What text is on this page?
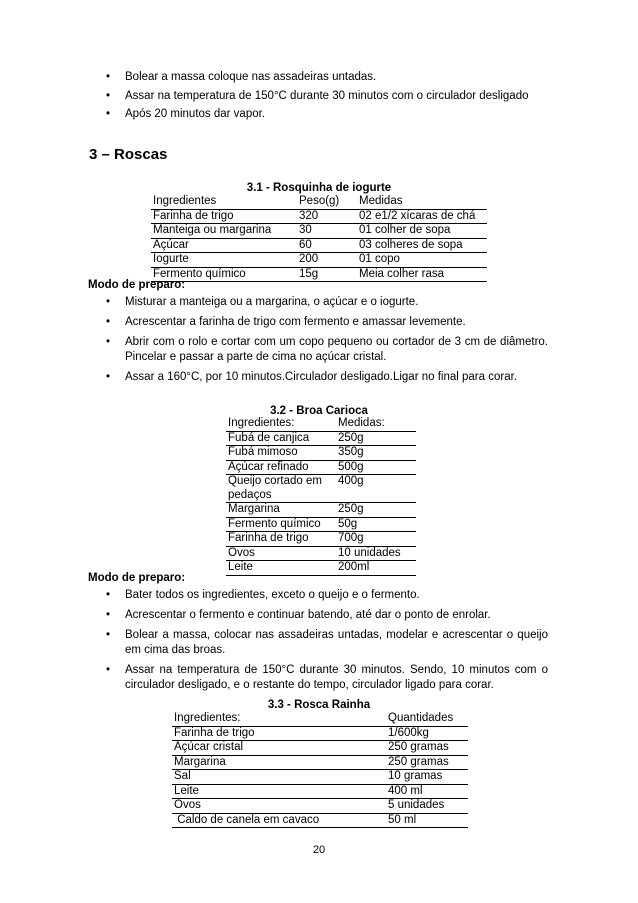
•	Bolear a massa coloque nas assadeiras untadas.
•	Assar na temperatura de 150°C durante 30 minutos com o circulador desligado
•	Após 20 minutos dar vapor.
3 – Roscas
3.1 - Rosquinha de iogurte
Ingredientes	Peso(g)	Medidas
Farinha de trigo	320	02 e1/2 xícaras de chá
Manteiga ou margarina	30	01 colher de sopa
Açúcar	60	03 colheres de sopa
Iogurte	200	01 copo
Fermento químico	15g	Meia colher rasa
Modo de preparo:
•	Misturar a manteiga ou a margarina, o açúcar e o iogurte.
•	Acrescentar a farinha de trigo com fermento e amassar levemente.
•	Abrir com o rolo e cortar com um copo pequeno ou cortador de 3 cm de diâmetro. Pincelar e passar a parte de cima no açúcar cristal.
•	Assar a 160°C, por 10 minutos.Circulador desligado.Ligar no final para corar.
3.2 - Broa Carioca
Ingredientes:	Medidas:
Fubá de canjica	250g
Fubá mimoso	350g
Açúcar refinado	500g
Queijo cortado em pedaços	400g
Margarina	250g
Fermento químico	50g
Farinha de trigo	700g
Ovos	10 unidades
Leite	200ml
Modo de preparo:
•	Bater todos os ingredientes, exceto o queijo e o fermento.
•	Acrescentar o fermento e continuar batendo, até dar o ponto de enrolar.
•	Bolear a massa, colocar nas assadeiras untadas, modelar e acrescentar o queijo em cima das broas.
•	Assar na temperatura de 150°C durante 30 minutos. Sendo, 10 minutos com o circulador desligado, e o restante do tempo, circulador ligado para corar.
3.3 - Rosca Rainha
Ingredientes:	Quantidades
Farinha de trigo	1/600kg
Açúcar cristal	250 gramas
Margarina	250 gramas
Sal	10 gramas
Leite	400 ml
Ovos	5 unidades
Caldo de canela em cavaco	50 ml
20
